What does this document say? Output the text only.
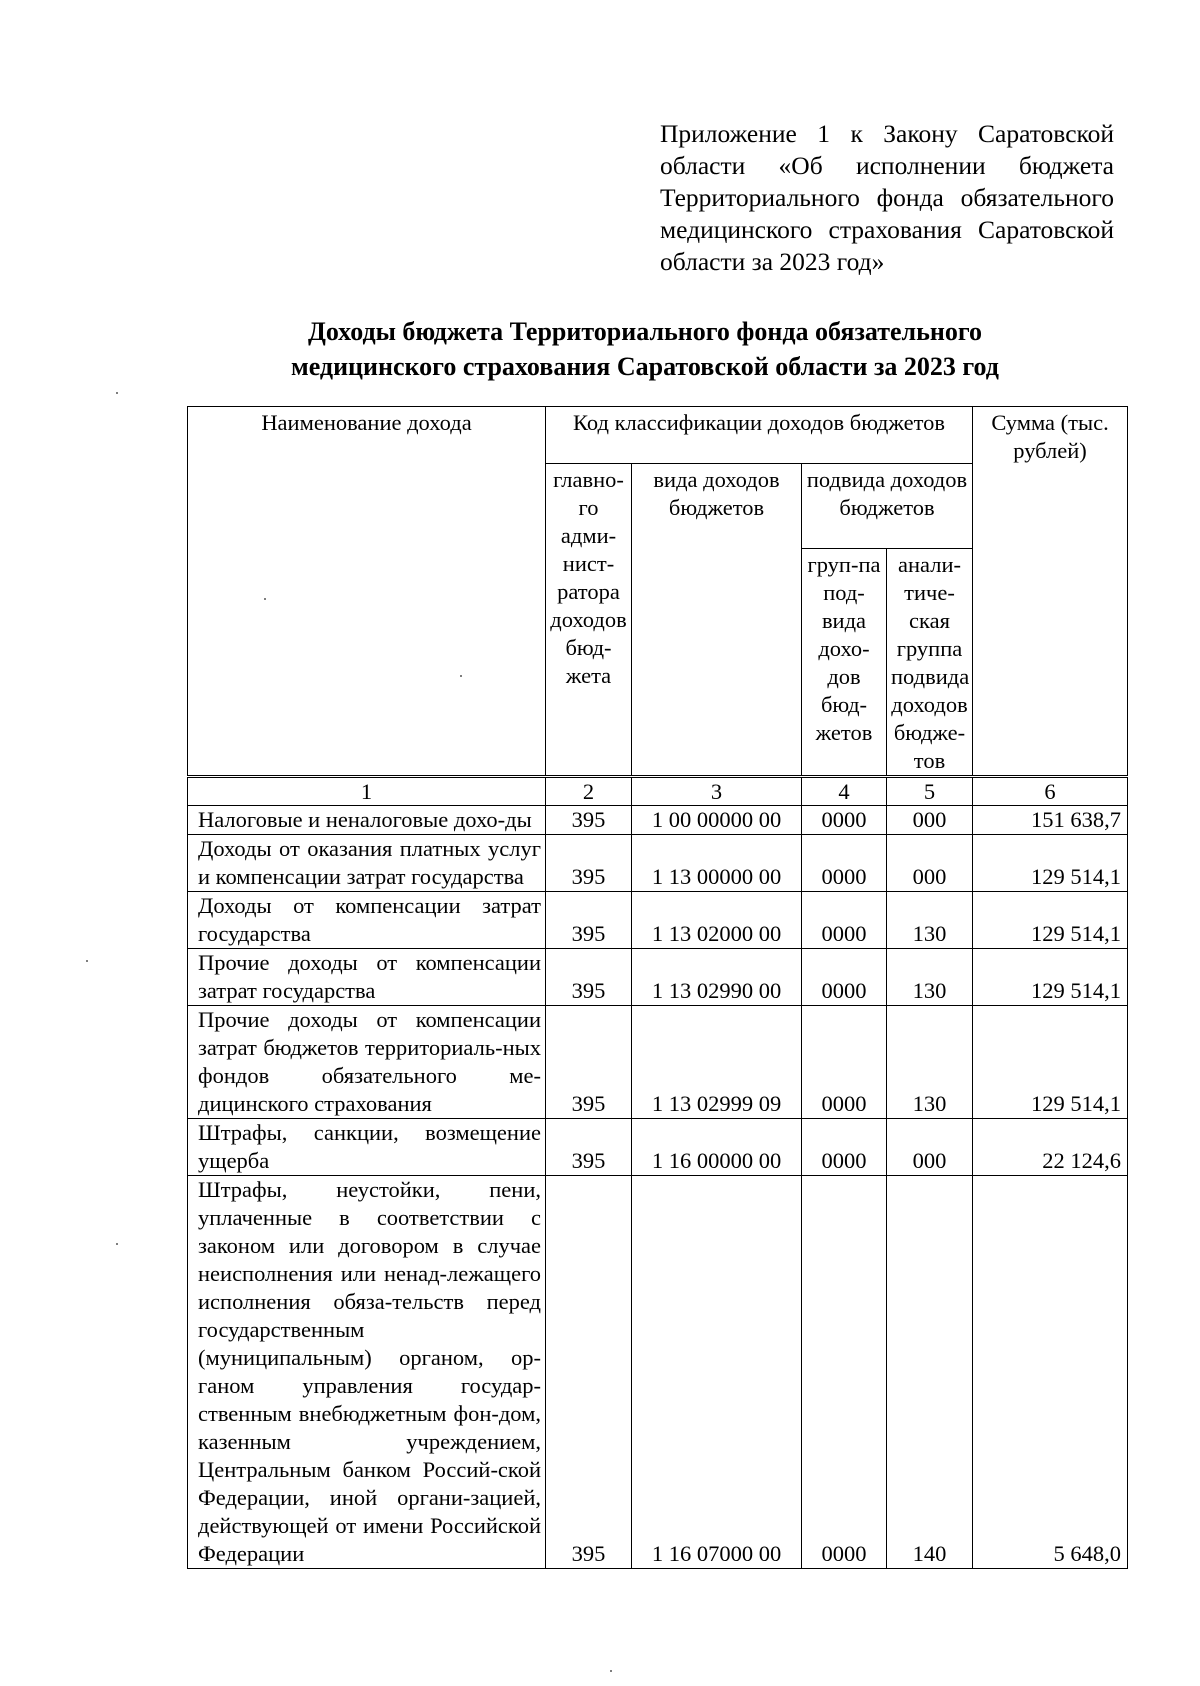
Приложение 1 к Закону Саратовской области «Об исполнении бюджета Территориального фонда обязательного медицинского страхования Саратовской области за 2023 год»
Доходы бюджета Территориального фонда обязательного
медицинского страхования Саратовской области за 2023 год
Наименование дохода	Код классификации доходов бюджетов				Сумма (тыс. рублей)
	главно-го адми-нист-ратора доходов бюд-жета	вида доходов бюджетов	подвида доходов бюджетов		
			груп-па под-вида дохо-дов бюд-жетов	анали-тиче-ская группа подвида доходов бюдже-тов	
1	2	3	4	5	6
Налоговые и неналоговые дохо-ды	395	1 00 00000 00	0000	000	151 638,7
Доходы от оказания платных услуг и компенсации затрат государства	395	1 13 00000 00	0000	000	129 514,1
Доходы от компенсации затрат государства	395	1 13 02000 00	0000	130	129 514,1
Прочие доходы от компенсации затрат государства	395	1 13 02990 00	0000	130	129 514,1
Прочие доходы от компенсации затрат бюджетов территориаль-ных фондов обязательного ме-дицинского страхования	395	1 13 02999 09	0000	130	129 514,1
Штрафы, санкции, возмещение ущерба	395	1 16 00000 00	0000	000	22 124,6
Штрафы, неустойки, пени, уплаченные в соответствии с законом или договором в случае неисполнения или ненад-лежащего исполнения обяза-тельств перед государственным (муниципальным) органом, ор-ганом управления государ-ственным внебюджетным фон-дом, казенным учреждением, Центральным банком Россий-ской Федерации, иной органи-зацией, действующей от имени Российской Федерации	395	1 16 07000 00	0000	140	5 648,0
